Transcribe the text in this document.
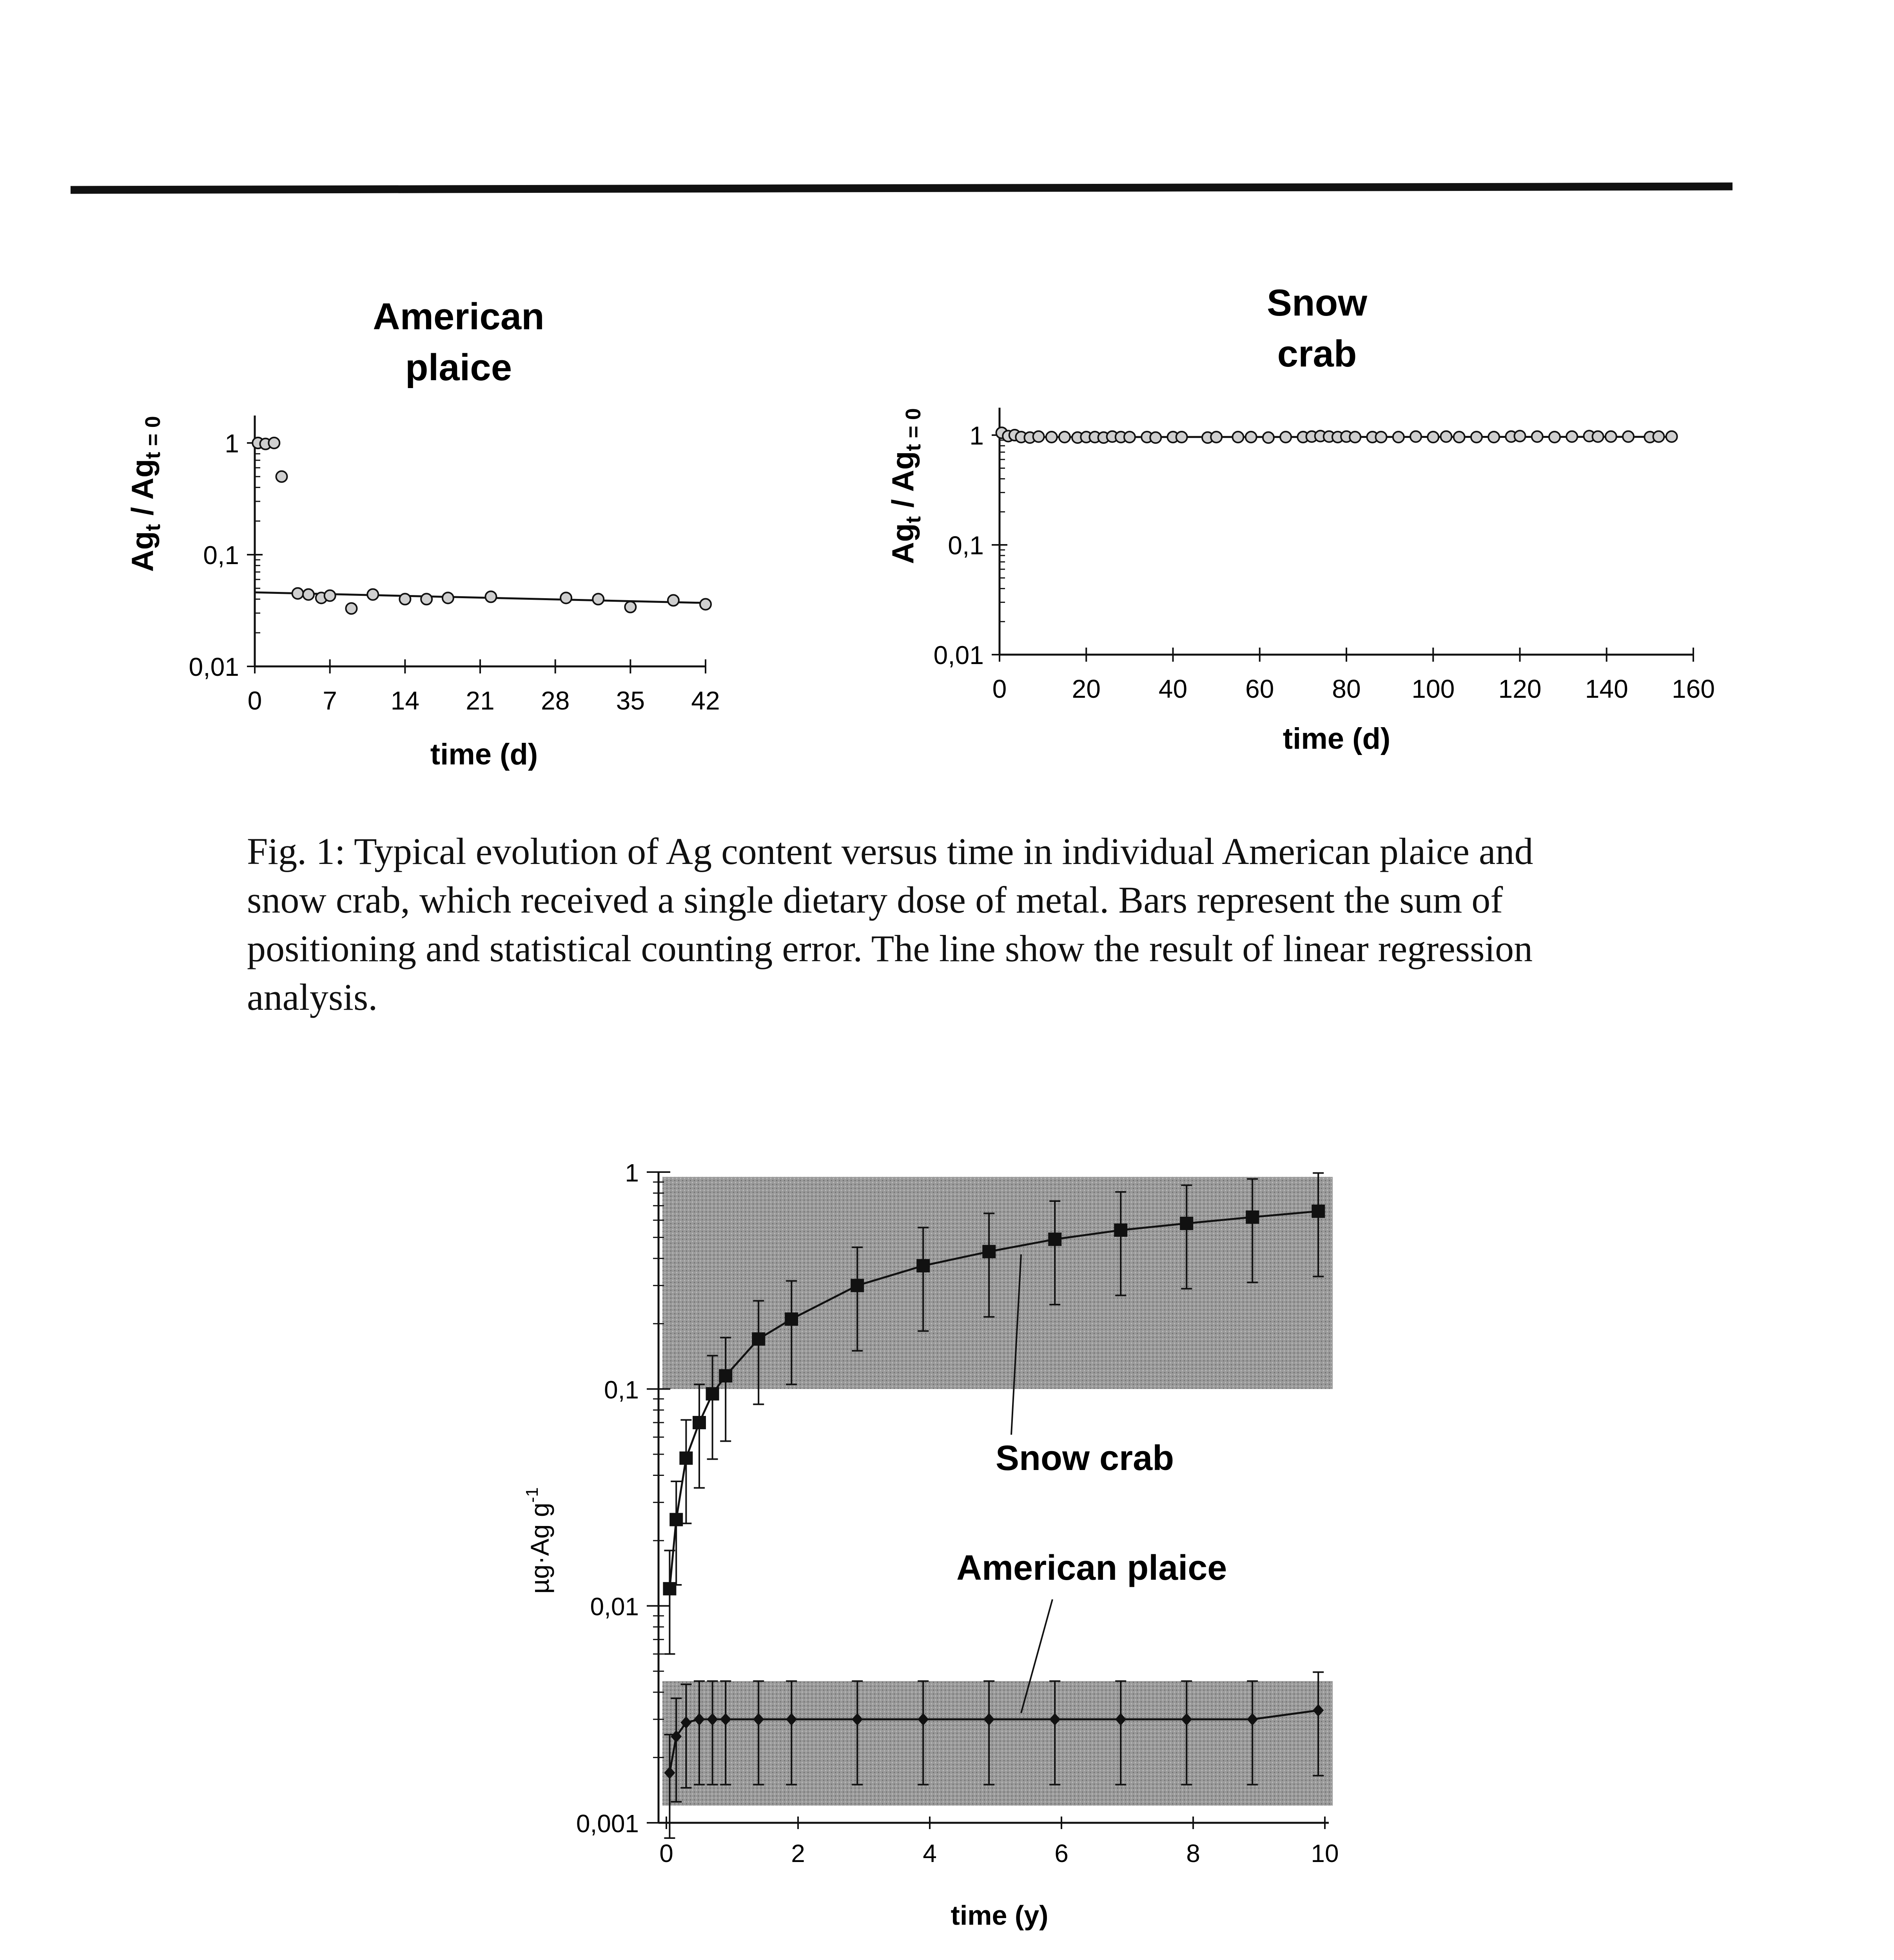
American
plaice
$Ag_t / Ag_{t = 0}$
time (d)
0 7 14 21 28 35 42
0,01
0,1
1
Snow
crab
$Ag_t / Ag_{t = 0}$
time (d)
0	20 40 60 80 100 120 140 160
0,01
0,1
1
Fig. 1: Typical evolution of Ag content versus time in individual American plaice and
snow crab, which received a single dietary dose of metal. Bars represent the sum of
positioning and statistical counting error. The line show the result of linear regression
analysis.
µg·Ag $g^{-1}$
time (y)
0,001
0,01
0,1
1
0	2	4	6	8	10
Snow crab
American plaice
